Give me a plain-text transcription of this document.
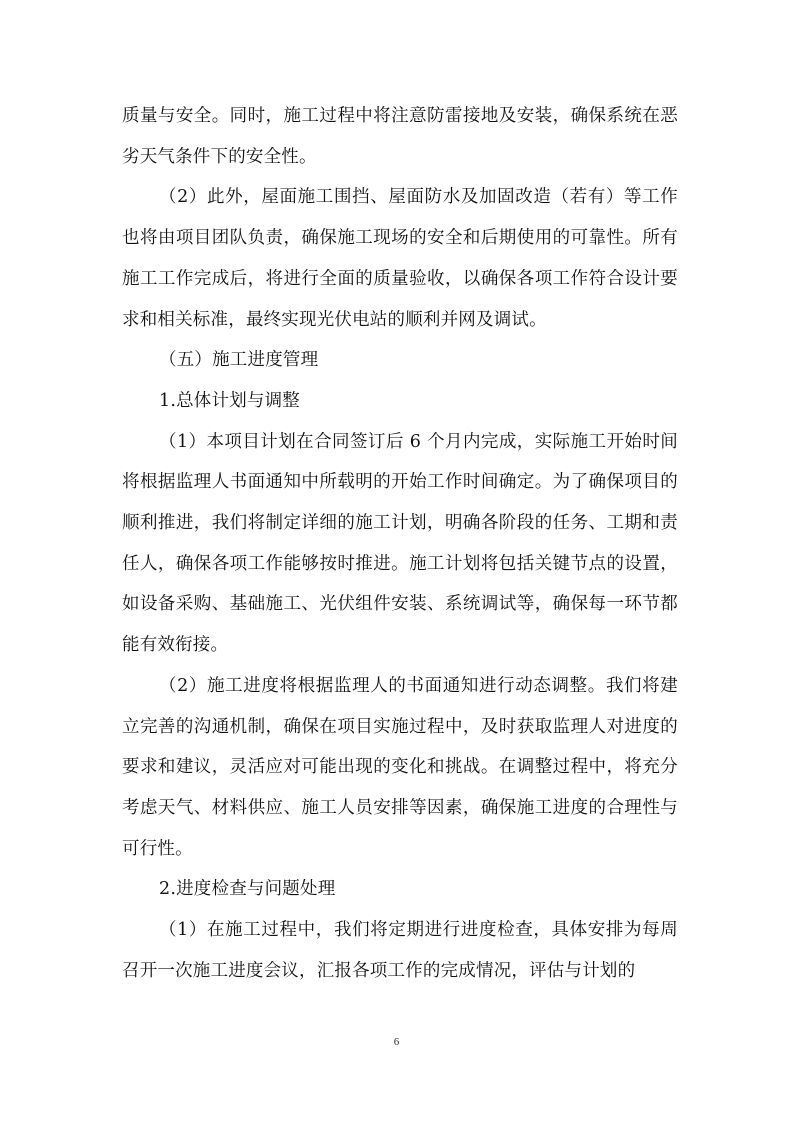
质量与安全。同时，施工过程中将注意防雷接地及安装，确保系统在恶劣天气条件下的安全性。

（2）此外，屋面施工围挡、屋面防水及加固改造（若有）等工作也将由项目团队负责，确保施工现场的安全和后期使用的可靠性。所有施工工作完成后，将进行全面的质量验收，以确保各项工作符合设计要求和相关标准，最终实现光伏电站的顺利并网及调试。

（五）施工进度管理

1.总体计划与调整

（1）本项目计划在合同签订后 6 个月内完成，实际施工开始时间将根据监理人书面通知中所载明的开始工作时间确定。为了确保项目的顺利推进，我们将制定详细的施工计划，明确各阶段的任务、工期和责任人，确保各项工作能够按时推进。施工计划将包括关键节点的设置，如设备采购、基础施工、光伏组件安装、系统调试等，确保每一环节都能有效衔接。

（2）施工进度将根据监理人的书面通知进行动态调整。我们将建立完善的沟通机制，确保在项目实施过程中，及时获取监理人对进度的要求和建议，灵活应对可能出现的变化和挑战。在调整过程中，将充分考虑天气、材料供应、施工人员安排等因素，确保施工进度的合理性与可行性。

2.进度检查与问题处理

（1）在施工过程中，我们将定期进行进度检查，具体安排为每周召开一次施工进度会议，汇报各项工作的完成情况，评估与计划的

6
